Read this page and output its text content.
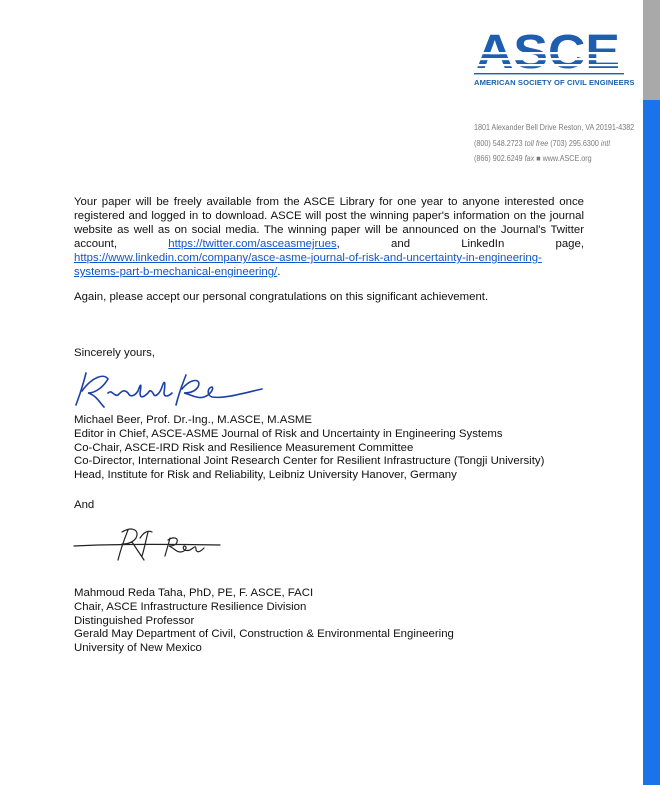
AMERICAN SOCIETY OF CIVIL ENGINEERS
1801 Alexander Bell Drive Reston, VA 20191-4382
(800) 548.2723 toll free (703) 295.6300 intl
(866) 902.6249 fax ■ www.ASCE.org
Your paper will be freely available from the ASCE Library for one year to anyone interested once registered and logged in to download. ASCE will post the winning paper's information on the journal website as well as on social media. The winning paper will be announced on the Journal's Twitter account,	https://twitter.com/asceasmejrues, and LinkedIn page, https://www.linkedin.com/company/asce-asme-journal-of-risk-and-uncertainty-in-engineering-systems-part-b-mechanical-engineering/.
Again, please accept our personal congratulations on this significant achievement.
Sincerely yours,
Michael Beer, Prof. Dr.-Ing., M.ASCE, M.ASME
Editor in Chief, ASCE-ASME Journal of Risk and Uncertainty in Engineering Systems
Co-Chair, ASCE-IRD Risk and Resilience Measurement Committee
Co-Director, International Joint Research Center for Resilient Infrastructure (Tongji University)
Head, Institute for Risk and Reliability, Leibniz University Hanover, Germany
And
Mahmoud Reda Taha, PhD, PE, F. ASCE, FACI
Chair, ASCE Infrastructure Resilience Division
Distinguished Professor
Gerald May Department of Civil, Construction & Environmental Engineering
University of New Mexico
